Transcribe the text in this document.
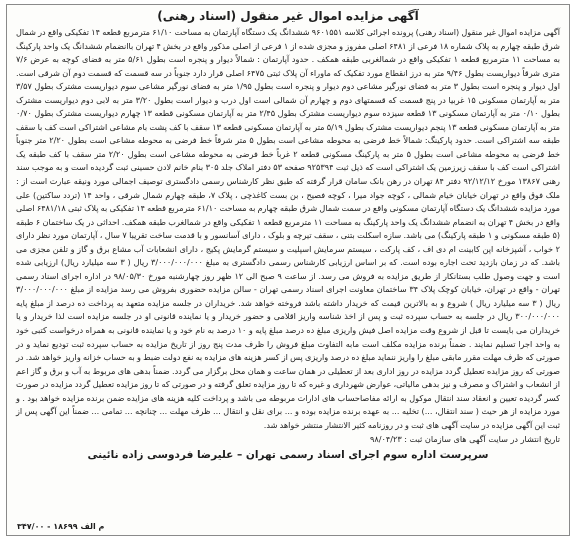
آگهی مزایده اموال غیر منقول (اسناد رهنی)

آگهی مزایده اموال غیر منقول (اسناد رهنی) پرونده اجرائی کلاسه ۹۶۰۱۵۵۱ ششدانگ یک دستگاه آپارتمان به مساحت ۶۱/۱۰ مترمربع قطعه ۱۴ تفکیکی واقع در شمال شرق طبقه چهارم به پلاک شماره ۱۸ فرعی از ۶۴۸۱ اصلی مفروز و مجزی شده از ۱ فرعی از اصلی مذکور واقع در بخش ۴ تهران باانضمام ششدانگ یک واحد پارکینگ به مساحت ۱۱ مترمربع قطعه ۱ تفکیکی واقع در شمالغربی طبقه همکف . حدود آپارتمان : شمالاً دیوار و پنجره است بطول ۵/۶۱ متر به فضای کوچه به عرض ۷/۶ متری شرقاً دیواریست بطول ۹/۴۶ متر به درز انقطاع مورد تفکیک که ماوراء آن پلاک ثبتی ۶۴۷۵ اصلی قرار دارد جنوباً در سه قسمت که قسمت دوم آن شرقی است. اول دیوار و پنجره است بطول ۳ متر به فضای نورگیر مشاعی دوم دیوار و پنجره است بطول ۱/۹۵ متر به فضای نورگیر مشاعی سوم دیواریست مشترک بطول ۳/۵۷ متر به آپارتمان مسکونی ۱۵ غربیا در پنج قسمت که قسمتهای دوم و چهارم آن شمالی است اول درب و دیوار است بطول ۳/۲۰ متر به لابی دوم دیواریست مشترک بطول ۰/۱۰ متر به آپارتمان مسکونی ۱۳ قطعه سیزده سوم دیواریست مشترک بطول ۲/۴۵ متر به آپارتمان مسکونی قطعه ۱۳ چهارم دیواریست مشترک بطول ۰/۷۰ متر به آپارتمان مسکونی قطعه ۱۳ پنجم دیواریست مشترک بطول ۵/۱۹ متر به آپارتمان مسکونی قطعه ۱۳ سقف با کف پشت بام مشاعی اشتراکی است کف با سقف طبقه سه اشتراکی است. حدود پارکینگ: شمالاً خط فرضی به محوطه مشاعی است بطول ۵ متر شرقاً خط فرضی به محوطه مشاعی است بطول ۲/۲۰ متر جنوباً خط فرضی به محوطه مشاعی است بطول ۵ متر به پارکینگ مسکونی قطعه ۲ غرباً خط فرضی به محوطه مشاعی است بطول ۲/۲۰ متر سقف با کف طبقه یک اشتراکی است کف با سقف زیرزمین یک اشتراکی است که ذیل ثبت ۹۲۵۳۹۴ صفحه ۵۳ دفتر املاک جلد ۳۰۵ بنام خانم لادن حسینی ثبت گردیده است و به موجب سند رهنی ۱۳۸۶۷ مورخ ۹۲/۱۲/۱۲ دفتر ۸۴ تهران در رهن بانک سامان قرار گرفته که طبق نظر کارشناس رسمی دادگستری توصیف اجمالی مورد ونیقه عبارت است از : ملک فوق واقع در تهران خیابان خیام شمالی ، کوچه جواد میرا ، کوچه فصیح ، بن بست کاغذچی ، پلاک ۷، طبقه چهارم شمال شرقی ، واحد ۱۴ (تردد ساکتین) علی مورد مزایده ششدانگ یک دستگاه آپارتمان مسکونی واقع در سمت شمال شرق طبقه چهارم به مساحت ۶۱/۱۰ مترمربع قطعه ۱۴ تفکیکی به پلاک ثبتی ۶۴۸۱/۱۸ اصلی واقع در بخش ۴ تهران به انضمام ششدانگ یک واحد پارکینگ به مساحت ۱۱ مترمربع قطعه ۱ تفکیکی واقع در شمالغرب طبقه همکف. احداثی در یک ساختمان ۶ طبقه (۵ طبقه مسکونی و ۱ طبقه پارکینگ) می باشد. سازه اسکلت بتنی ، سقف تیرچه و بلوک ، دارای آسانسور و با قدمت ساخت تقریبا ۷ سال ، آپارتمان مورد نظر دارای ۲ خواب ، آشپزخانه اپن کابینت ام دی اف ، کف پارکت ، سیستم سرمایش اسپلیت و سیستم گرمایش پکیج ، دارای انشعابات آب مشاع برق و گاز و تلفن مجزی می باشد. که در زمان بازدید تحت اجاره بوده است. که بر اساس ارزیابی کارشناس رسمی دادگستری به مبلغ ۳/۰۰۰/۰۰۰/۰۰۰ ریال ( ۳ سه میلیارد ریال) ارزیابی شده است و جهت وصول طلب بستانکار از طریق مزایده به فروش می رسد. از ساعت ۹ صبح الی ۱۲ ظهر روز چهارشنبه مورخ ۹۸/۰۵/۳۰ در اداره اجرای اسناد رسمی تهران - واقع در تهران، خیابان کوچک پلاک ۳۴ ساختمان معاونت اجرای اسناد رسمی تهران - سالن مزایده حضوری بفروش می رسد مزایده از مبلغ ۳/۰۰۰/۰۰۰/۰۰۰ ریال ( ۳ سه میلیارد ریال ) شروع و به بالاترین قیمت که خریدار داشته باشد فروخته خواهد شد. خریداران در جلسه مزایده متعهد به پرداخت ده درصد از مبلغ پایه ۳۰۰/۰۰۰/۰۰۰ ریال در جلسه به حساب سپرده ثبت و پس از اخذ شناسه واریز اقلامی و حضور خریدار و یا نماینده قانونی او در جلسه مزایده است لذا خریدار و یا خریداران می بایست تا قبل از شروع وقت مزایده اصل فیش واریزی مبلغ ده درصد مبلغ پایه و ۱۰ درصد به نام خود و یا نماینده قانونی به همراه درخواست کتبی خود به واحد اجرا تسلیم نمایند . ضمناً برنده مزایده مکلف است مابه التفاوت مبلغ فروش را ظرف مدت پنج روز از تاریخ مزایده به حساب سپرده ثبت تودیع نماید و در صورتی که ظرف مهلت مقرر مابقی مبلغ را واریز ننماید مبلغ ده درصد واریزی پس از کسر هزینه های مزایده به نفع دولت ضبط و به حساب خزانه واریز خواهد شد. در صورتی که روز مزایده تعطیل گردد مزایده در روز اداری بعد از تعطیلی در همان ساعت و همان محل برگزار می گردد. ضمناً بدهی های مربوط به آب و برق و گاز اعم از انشعاب و اشتراک و مصرف و نیز بدهی مالیاتی، عوارض شهرداری و غیره که تا روز مزایده تعلق گرفته و در صورتی که تا روز مزایده تعطیل گردد مزایده در صورت کسر گردیده تعیین و انعقاد سند انتقال موکول به ارائه مفاصاحساب های ادارات مربوطه می باشد و پرداخت کلیه هزینه های مزایده ضمن برنده مزایده خواهد بود . و مورد مزایده از هر حیث ( سند انتقال، ...) تخلیه ... به عهده برنده مزایده بوده و ... برای نقل و انتقال ... ظرف مهلت ... چنانچه ... تمامی ... ضمناً این آگهی پس از ثبت این آگهی مزایده در سایت آگهی های ثبت و در روزنامه کثیر الانتشار منتشر خواهد شد.

تاریخ انتشار در سایت آگهی های سازمان ثبت : ۹۸/۰۴/۲۳
سرپرست اداره سوم اجرای اسناد رسمی تهران – علیرضا فردوسی زاده نائینی
م الف ۱۸۶۹۹ - ۳۴۷/۰۰
